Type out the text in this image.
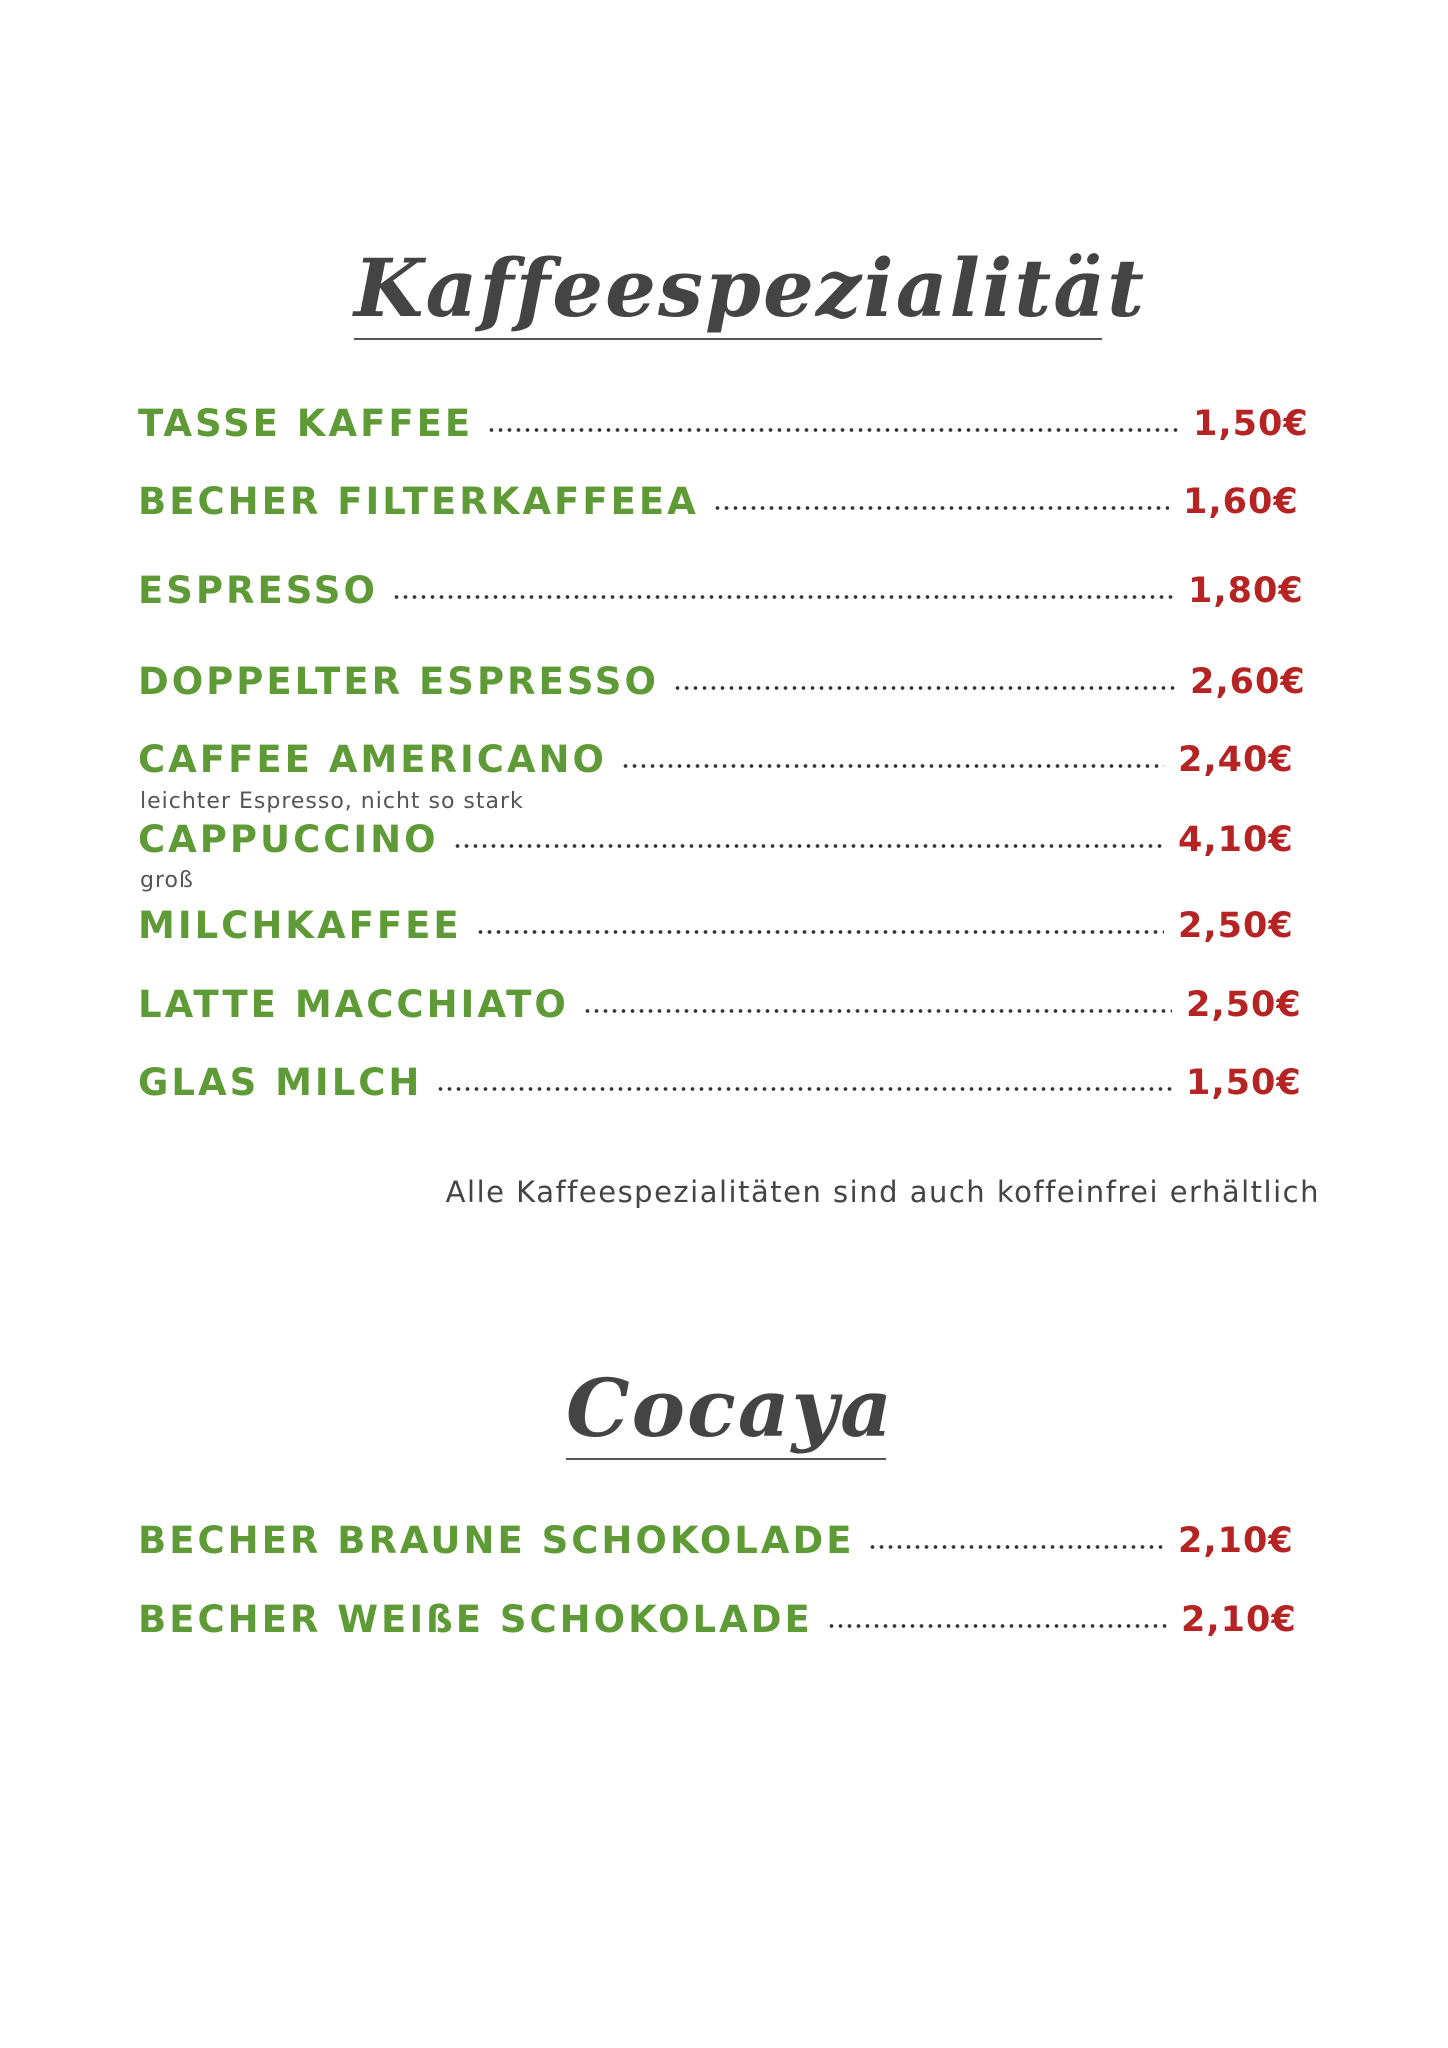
Kaffeespezialität
TASSE KAFFEE	1,50€
BECHER FILTERKAFFEEA	1,60€
ESPRESSO	1,80€
DOPPELTER ESPRESSO	2,60€
CAFFEE AMERICANO	2,40€
leichter Espresso, nicht so stark
CAPPUCCINO	4,10€
groß
MILCHKAFFEE	2,50€
LATTE MACCHIATO	2,50€
GLAS MILCH	1,50€
Alle Kaffeespezialitäten sind auch koffeinfrei erhältlich
Cocaya
BECHER BRAUNE SCHOKOLADE	2,10€
BECHER WEIßE SCHOKOLADE	2,10€
